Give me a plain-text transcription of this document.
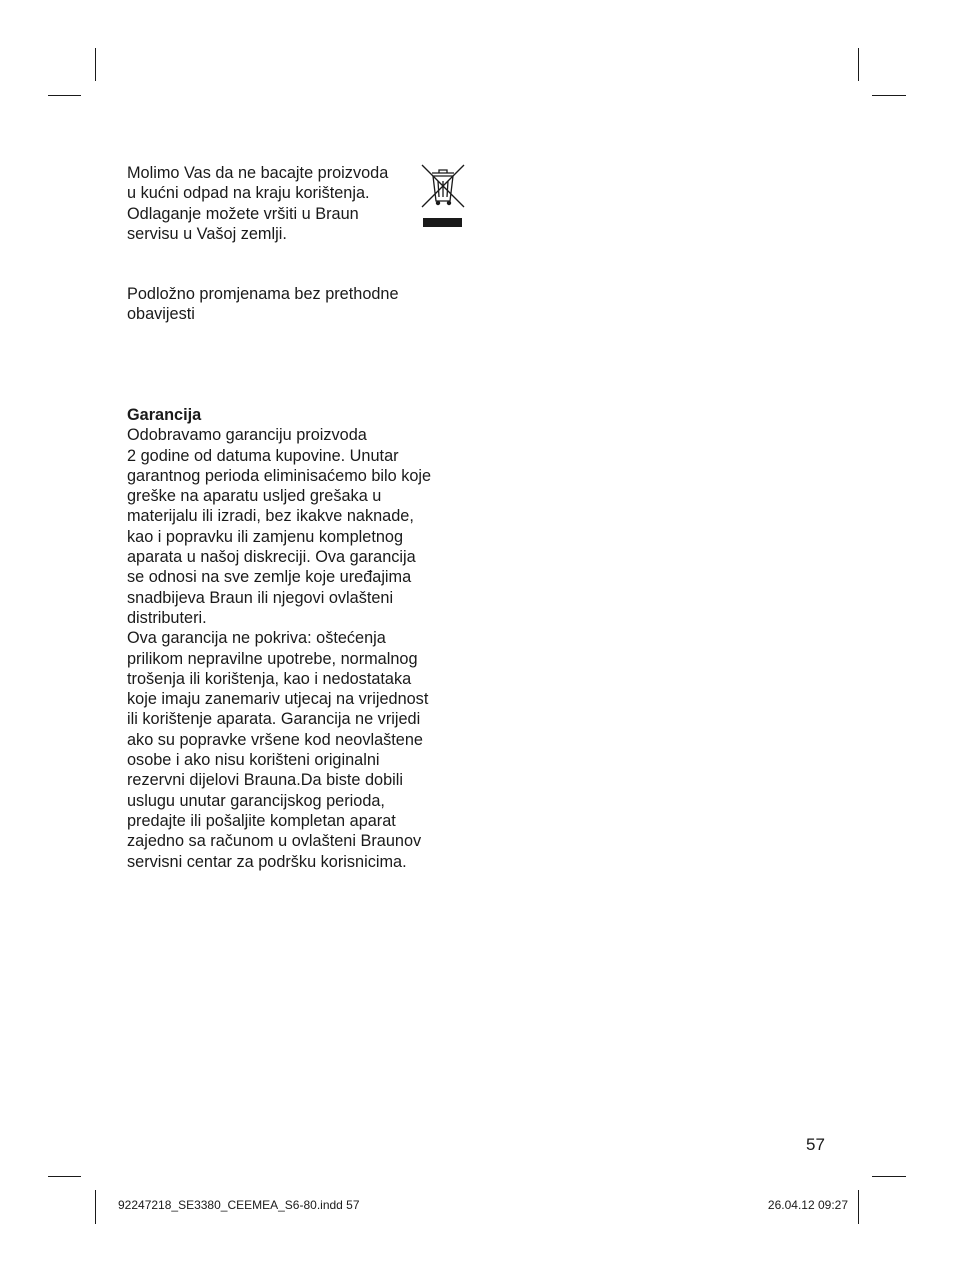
Molimo Vas da ne bacajte proizvoda
u kućni odpad na kraju korištenja.
Odlaganje možete vršiti u Braun
servisu u Vašoj zemlji.
Podložno promjenama bez prethodne
obavijesti
Garancija
Odobravamo garanciju proizvoda
2 godine od datuma kupovine. Unutar
garantnog perioda eliminisaćemo bilo koje
greške na aparatu usljed grešaka u
materijalu ili izradi, bez ikakve naknade,
kao i popravku ili zamjenu kompletnog
aparata u našoj diskreciji. Ova garancija
se odnosi na sve zemlje koje uređajima
snadbijeva Braun ili njegovi ovlašteni
distributeri.
Ova garancija ne pokriva: oštećenja
prilikom nepravilne upotrebe, normalnog
trošenja ili korištenja, kao i nedostataka
koje imaju zanemariv utjecaj na vrijednost
ili korištenje aparata. Garancija ne vrijedi
ako su popravke vršene kod neovlaštene
osobe i ako nisu korišteni originalni
rezervni dijelovi Brauna.Da biste dobili
uslugu unutar garancijskog perioda,
predajte ili pošaljite kompletan aparat
zajedno sa računom u ovlašteni Braunov
servisni centar za podršku korisnicima.
57
92247218_SE3380_CEEMEA_S6-80.indd 57	26.04.12 09:27
